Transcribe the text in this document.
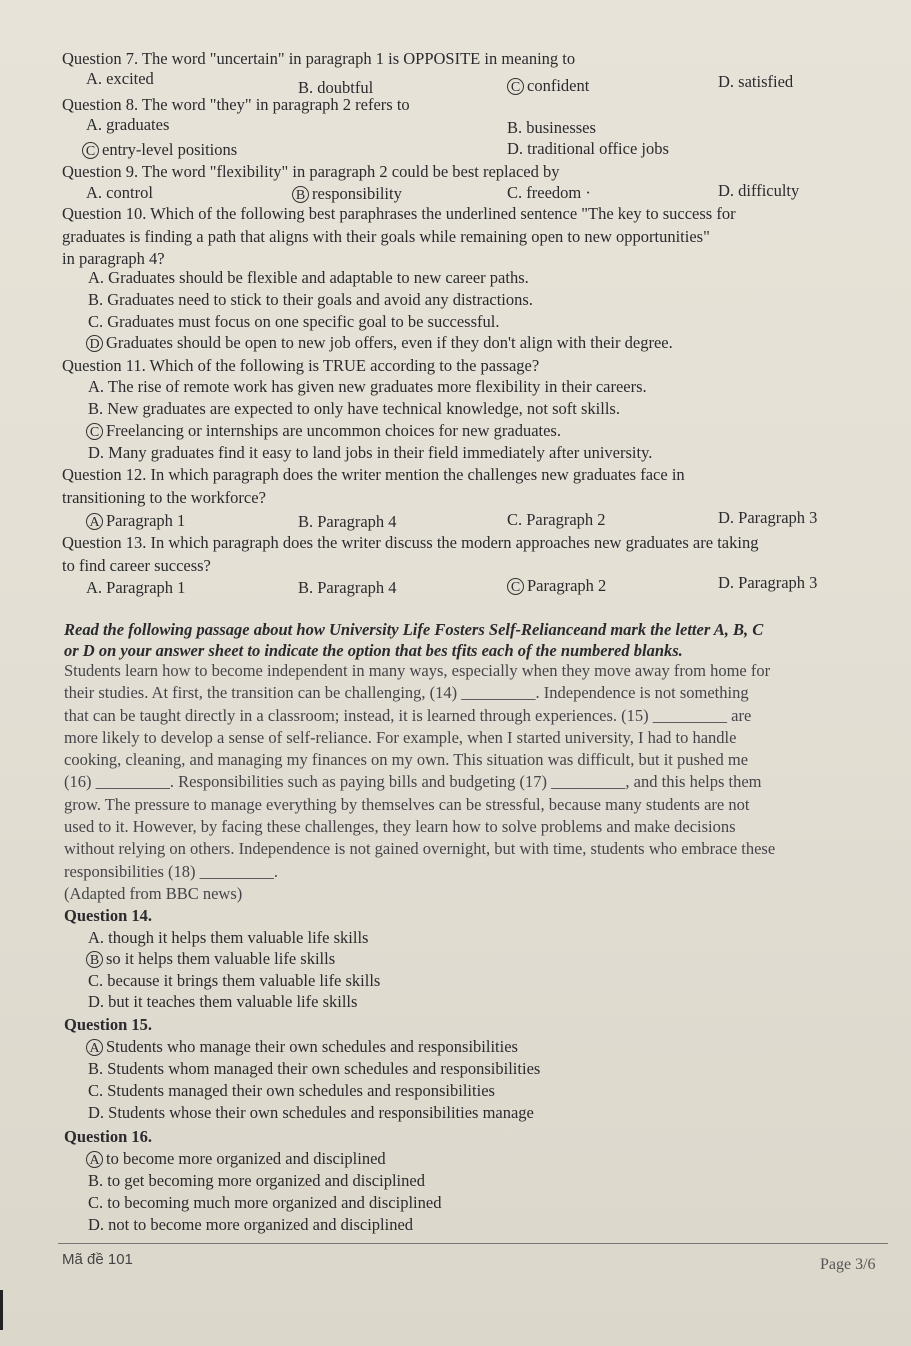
Question 7. The word "uncertain" in paragraph 1 is OPPOSITE in meaning to
A. excited	B. doubtful	C confident	D. satisfied
Question 8. The word "they" in paragraph 2 refers to
A. graduates	B. businesses
C entry-level positions	D. traditional office jobs
Question 9. The word "flexibility" in paragraph 2 could be best replaced by
A. control	B responsibility	C. freedom ·	D. difficulty
Question 10. Which of the following best paraphrases the underlined sentence "The key to success for
graduates is finding a path that aligns with their goals while remaining open to new opportunities"
in paragraph 4?
A. Graduates should be flexible and adaptable to new career paths.
B. Graduates need to stick to their goals and avoid any distractions.
C. Graduates must focus on one specific goal to be successful.
D Graduates should be open to new job offers, even if they don't align with their degree.
Question 11. Which of the following is TRUE according to the passage?
A. The rise of remote work has given new graduates more flexibility in their careers.
B. New graduates are expected to only have technical knowledge, not soft skills.
C Freelancing or internships are uncommon choices for new graduates.
D. Many graduates find it easy to land jobs in their field immediately after university.
Question 12. In which paragraph does the writer mention the challenges new graduates face in
transitioning to the workforce?
A Paragraph 1	B. Paragraph 4	C. Paragraph 2	D. Paragraph 3
Question 13. In which paragraph does the writer discuss the modern approaches new graduates are taking
to find career success?
A. Paragraph 1	B. Paragraph 4	C Paragraph 2	D. Paragraph 3
Read the following passage about how University Life Fosters Self-Relianceand mark the letter A, B, C
or D on your answer sheet to indicate the option that bes tfits each of the numbered blanks.
Students learn how to become independent in many ways, especially when they move away from home for
their studies. At first, the transition can be challenging, (14) _________. Independence is not something
that can be taught directly in a classroom; instead, it is learned through experiences. (15) _________ are
more likely to develop a sense of self-reliance. For example, when I started university, I had to handle
cooking, cleaning, and managing my finances on my own. This situation was difficult, but it pushed me
(16) _________. Responsibilities such as paying bills and budgeting (17) _________, and this helps them
grow. The pressure to manage everything by themselves can be stressful, because many students are not
used to it. However, by facing these challenges, they learn how to solve problems and make decisions
without relying on others. Independence is not gained overnight, but with time, students who embrace these
responsibilities (18) _________.
(Adapted from BBC news)
Question 14.
A. though it helps them valuable life skills
B so it helps them valuable life skills
C. because it brings them valuable life skills
D. but it teaches them valuable life skills
Question 15.
A Students who manage their own schedules and responsibilities
B. Students whom managed their own schedules and responsibilities
C. Students managed their own schedules and responsibilities
D. Students whose their own schedules and responsibilities manage
Question 16.
A to become more organized and disciplined
B. to get becoming more organized and disciplined
C. to becoming much more organized and disciplined
D. not to become more organized and disciplined
Mã đề 101	Page 3/6
